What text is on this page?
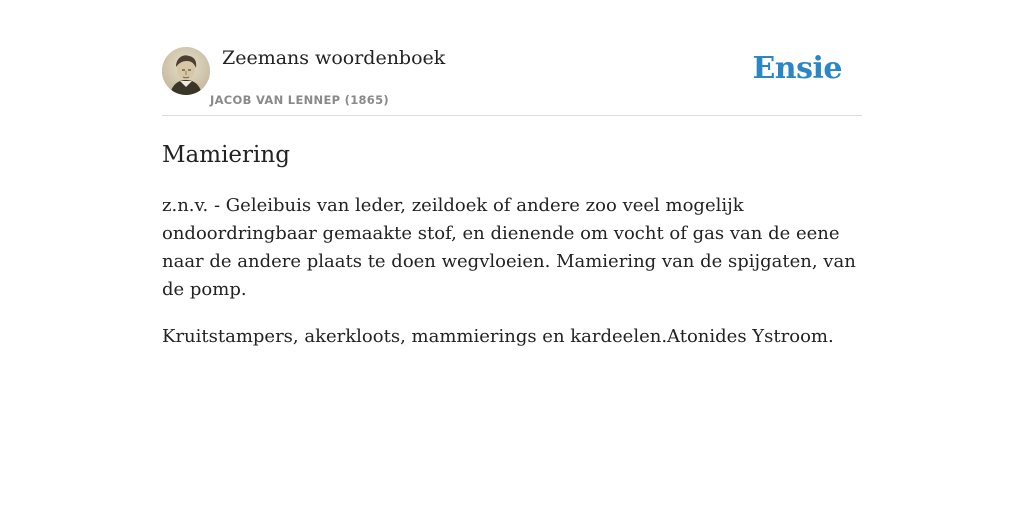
Zeemans woordenboek
JACOB VAN LENNEP (1865)
Ensie
Mamiering

z.n.v. - Geleibuis van leder, zeildoek of andere zoo veel mogelijk ondoordringbaar gemaakte stof, en dienende om vocht of gas van de eene naar de andere plaats te doen wegvloeien. Mamiering van de spijgaten, van de pomp.

Kruitstampers, akerkloots, mammierings en kardeelen.Atonides Ystroom.
